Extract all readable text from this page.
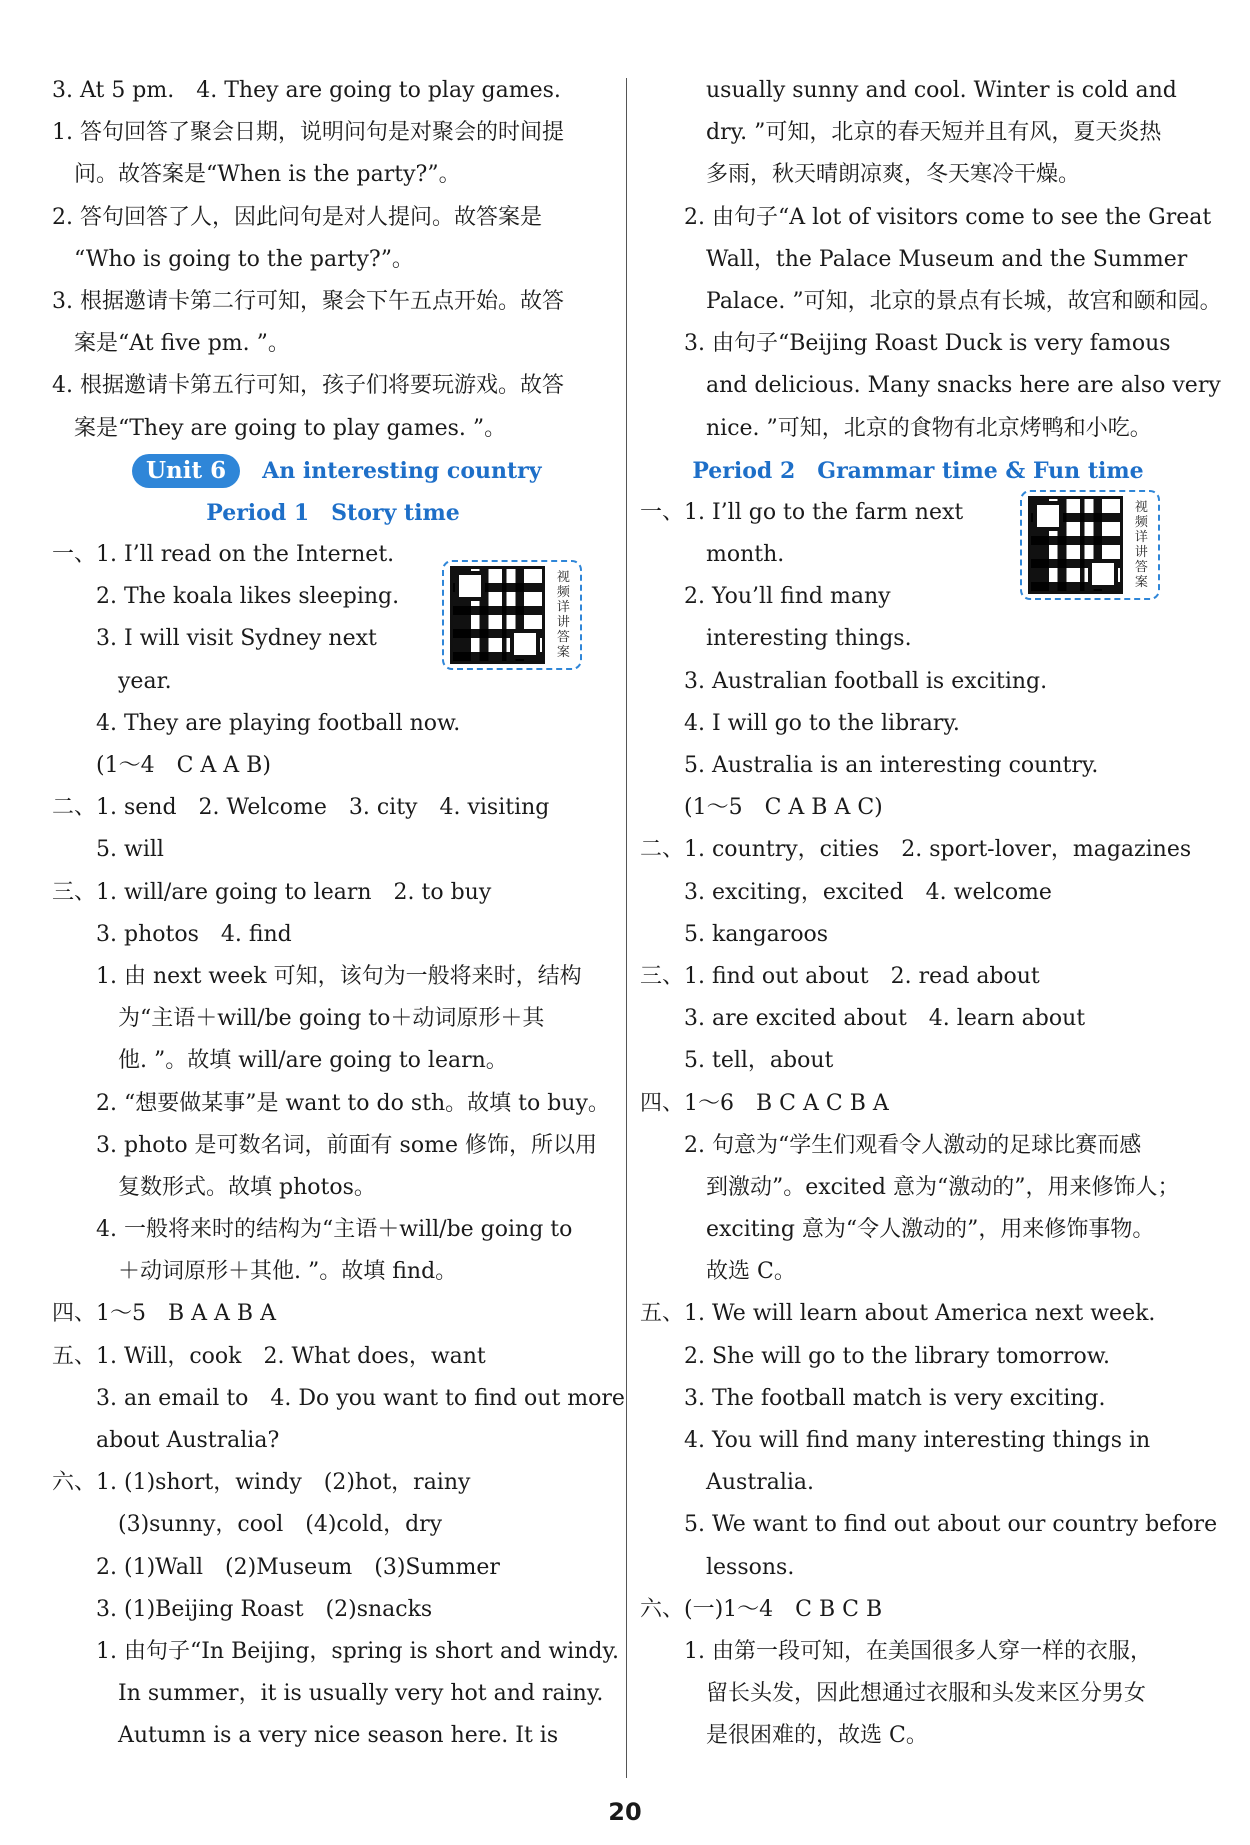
3. At 5 pm.　4. They are going to play games.
1. 答句回答了聚会日期，说明问句是对聚会的时间提
　问。故答案是“When is the party?”。
2. 答句回答了人，因此问句是对人提问。故答案是
　“Who is going to the party?”。
3. 根据邀请卡第二行可知，聚会下午五点开始。故答
　案是“At five pm. ”。
4. 根据邀请卡第五行可知，孩子们将要玩游戏。故答
　案是“They are going to play games. ”。
Unit 6 An interesting country
Period 1　Story time
视频详讲答案
一、1. I’ll read on the Internet.
　　2. The koala likes sleeping.
　　3. I will visit Sydney next
　　　year.
　　4. They are playing football now.
　　(1～4　C A A B)
二、1. send　2. Welcome　3. city　4. visiting
　　5. will
三、1. will/are going to learn　2. to buy
　　3. photos　4. find
　　1. 由 next week 可知，该句为一般将来时，结构
　　　为“主语＋will/be going to＋动词原形＋其
　　　他. ”。故填 will/are going to learn。
　　2. “想要做某事”是 want to do sth。故填 to buy。
　　3. photo 是可数名词，前面有 some 修饰，所以用
　　　复数形式。故填 photos。
　　4. 一般将来时的结构为“主语＋will/be going to
　　　＋动词原形＋其他. ”。故填 find。
四、1～5　B A A B A
五、1. Will，cook　2. What does，want
　　3. an email to　4. Do you want to find out more
　　about Australia?
六、1. (1)short，windy　(2)hot，rainy
　　　(3)sunny，cool　(4)cold，dry
　　2. (1)Wall　(2)Museum　(3)Summer
　　3. (1)Beijing Roast　(2)snacks
　　1. 由句子“In Beijing，spring is short and windy.
　　　In summer，it is usually very hot and rainy.
　　　Autumn is a very nice season here. It is
　　　usually sunny and cool. Winter is cold and
　　　dry. ”可知，北京的春天短并且有风，夏天炎热
　　　多雨，秋天晴朗凉爽，冬天寒冷干燥。
　　2. 由句子“A lot of visitors come to see the Great
　　　Wall，the Palace Museum and the Summer
　　　Palace. ”可知，北京的景点有长城，故宫和颐和园。
　　3. 由句子“Beijing Roast Duck is very famous
　　　and delicious. Many snacks here are also very
　　　nice. ”可知，北京的食物有北京烤鸭和小吃。
Period 2　Grammar time & Fun time
视频详讲答案
一、1. I’ll go to the farm next
　　　month.
　　2. You’ll find many
　　　interesting things.
　　3. Australian football is exciting.
　　4. I will go to the library.
　　5. Australia is an interesting country.
　　(1～5　C A B A C)
二、1. country，cities　2. sport-lover，magazines
　　3. exciting，excited　4. welcome
　　5. kangaroos
三、1. find out about　2. read about
　　3. are excited about　4. learn about
　　5. tell，about
四、1～6　B C A C B A
　　2. 句意为“学生们观看令人激动的足球比赛而感
　　　到激动”。excited 意为“激动的”，用来修饰人；
　　　exciting 意为“令人激动的”，用来修饰事物。
　　　故选 C。
五、1. We will learn about America next week.
　　2. She will go to the library tomorrow.
　　3. The football match is very exciting.
　　4. You will find many interesting things in
　　　Australia.
　　5. We want to find out about our country before
　　　lessons.
六、(一)1～4　C B C B
　　1. 由第一段可知，在美国很多人穿一样的衣服，
　　　留长头发，因此想通过衣服和头发来区分男女
　　　是很困难的，故选 C。
20
